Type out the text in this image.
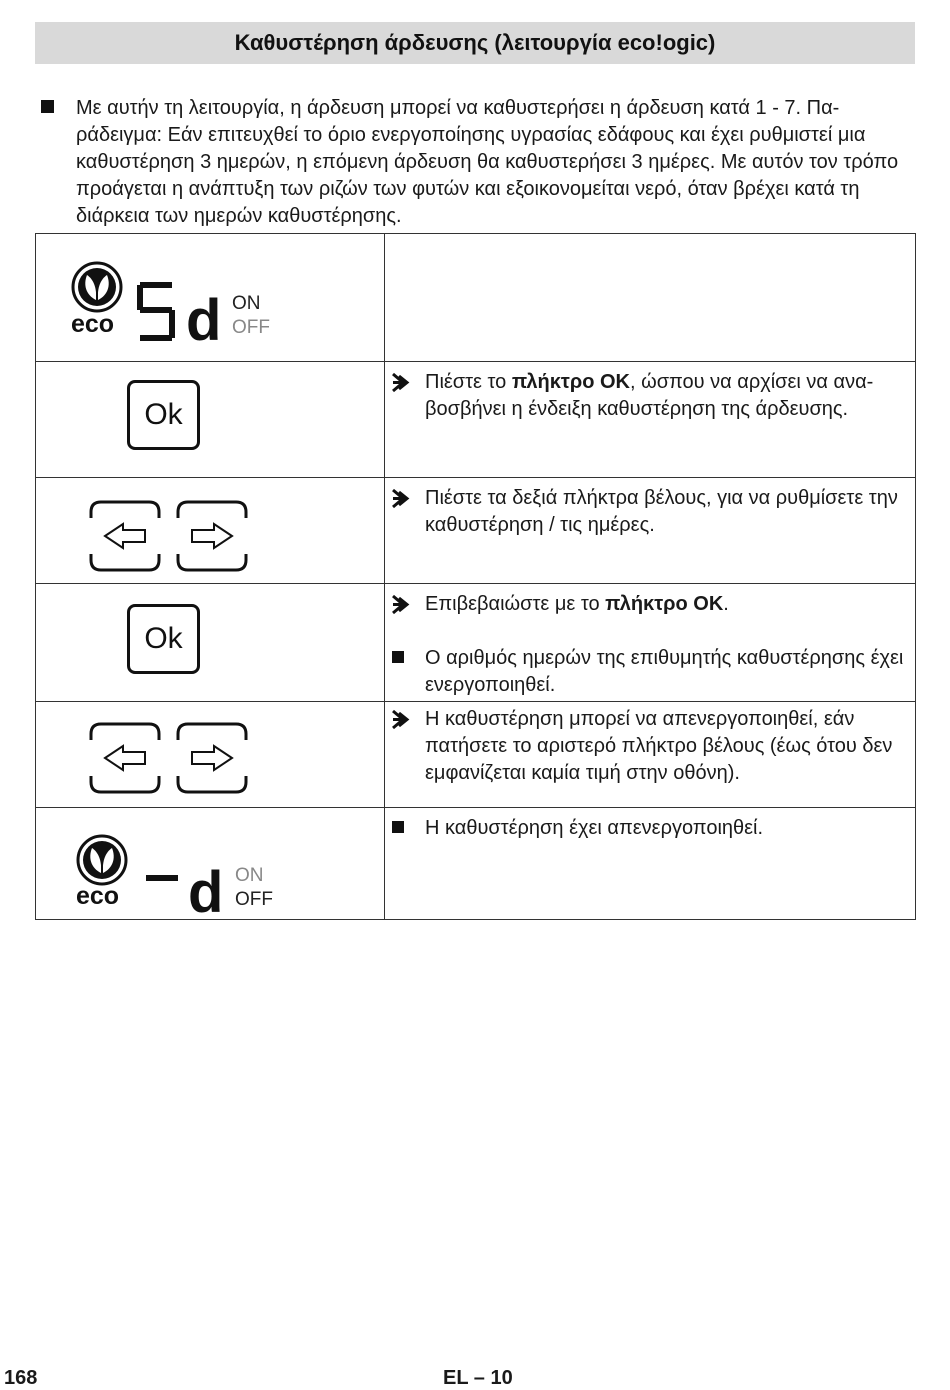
Καθυστέρηση άρδευσης (λειτουργία eco!ogic)
Με αυτήν τη λειτουργία, η άρδευση μπορεί να καθυστερήσει η άρδευση κατά 1 - 7. Πα-ράδειγμα: Εάν επιτευχθεί το όριο ενεργοποίησης υγρασίας εδάφους και έχει ρυθμιστεί μια καθυστέρηση 3 ημερών, η επόμενη άρδευση θα καθυστερήσει 3 ημέρες. Με αυτόν τον τρόπο προάγεται η ανάπτυξη των ριζών των φυτών και εξοικονομείται νερό, όταν βρέχει κατά τη διάρκεια των ημερών καθυστέρησης.
eco d ON
OFF	

Ok	Πιέστε το πλήκτρο OK, ώσπου να αρχίσει να ανα-βοσβήνει η ένδειξη καθυστέρηση της άρδευσης.

Πιέστε τα δεξιά πλήκτρα βέλους, για να ρυθμίσετε την καθυστέρηση / τις ημέρες.

Ok	Επιβεβαιώστε με το πλήκτρο OK.
Ο αριθμός ημερών της επιθυμητής καθυστέρησης έχει ενεργοποιηθεί.

Η καθυστέρηση μπορεί να απενεργοποιηθεί, εάν πατήσετε το αριστερό πλήκτρο βέλους (έως ότου δεν εμφανίζεται καμία τιμή στην οθόνη).

eco d ON
OFF	Η καθυστέρηση έχει απενεργοποιηθεί.
168	EL – 10
